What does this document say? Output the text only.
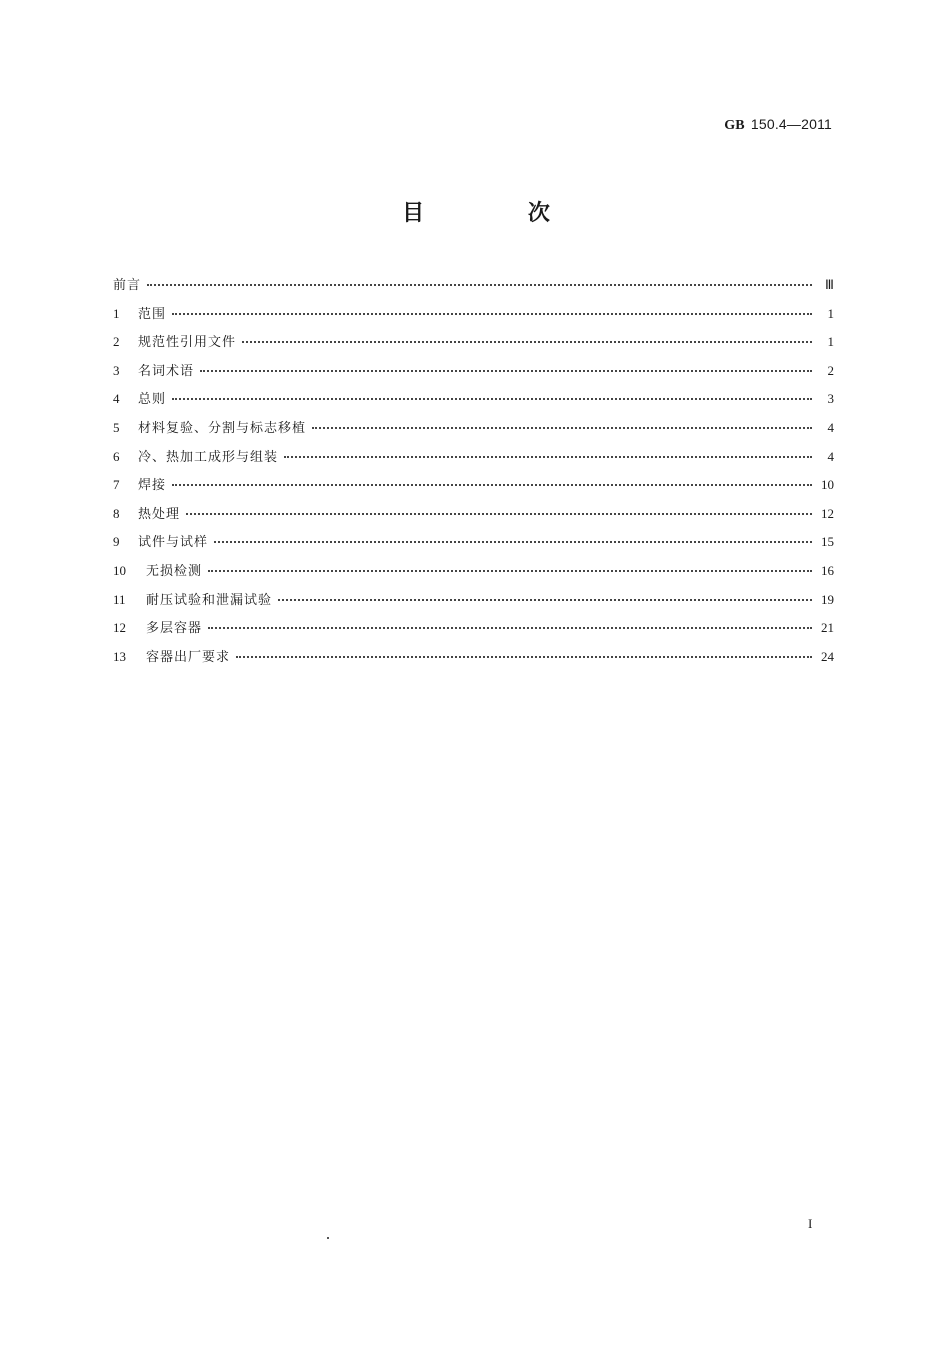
GB 150.4—2011
目 次
前言	Ⅲ
1	范围	1
2	规范性引用文件	1
3	名词术语	2
4	总则	3
5	材料复验、分割与标志移植	4
6	冷、热加工成形与组装	4
7	焊接	10
8	热处理	12
9	试件与试样	15
10	无损检测	16
11	耐压试验和泄漏试验	19
12	多层容器	21
13	容器出厂要求	24
I
